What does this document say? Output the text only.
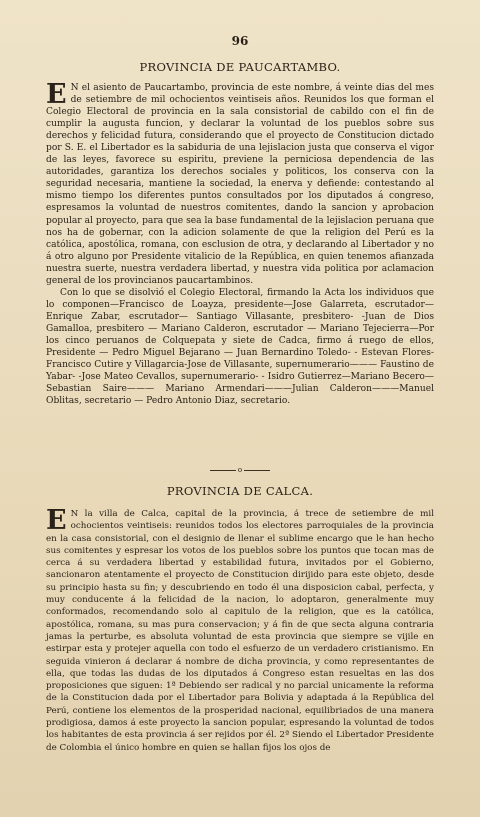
96
PROVINCIA DE PAUCARTAMBO.

E N el asiento de Paucartambo, provincia de este nombre, á veinte dias del mes de setiembre de mil ochocientos veintiseis años. Reunidos los que forman el Colegio Electoral de provincia en la sala consistorial de cabildo con el fin de cumplir la augusta funcion, y declarar la voluntad de los pueblos sobre sus derechos y felicidad futura, considerando que el proyecto de Constitucion dictado por S. E. el Libertador es la sabiduria de una lejislacion justa que conserva el vigor de las leyes, favorece su espiritu, previene la perniciosa dependencia de las autoridades, garantiza los derechos sociales y politicos, los conserva con la seguridad necesaria, mantiene la sociedad, la enerva y defiende: contestando al mismo tiempo los diferentes puntos consultados por los diputados á congreso, espresamos la voluntad de nuestros comitentes, dando la sancion y aprobacion popular al proyecto, para que sea la base fundamental de la lejislacion peruana que nos ha de gobernar, con la adicion solamente de que la religion del Perú es la católica, apostólica, romana, con esclusion de otra, y declarando al Libertador y no á otro alguno por Presidente vitalicio de la República, en quien tenemos afianzada nuestra suerte, nuestra verdadera libertad, y nuestra vida politica por aclamacion general de los provincianos paucartambinos.

Con lo que se disolvió el Colegio Electoral, firmando la Acta los individuos que lo componen—Francisco de Loayza, presidente—Jose Galarreta, escrutador—Enrique Zabar, escrutador— Santiago Villasante, presbitero- -Juan de Dios Gamalloa, presbitero — Mariano Calderon, escrutador — Mariano Tejecierra—Por los cinco peruanos de Colquepata y siete de Cadca, firmo á ruego de ellos, Presidente — Pedro Miguel Bejarano — Juan Bernardino Toledo- - Estevan Flores-Francisco Cutire y Villagarcia-Jose de Villasante, supernumerario——— Faustino de Yabar- -Jose Mateo Cevallos, supernumerario- - Isidro Gutierrez—Mariano Becero— Sebastian Saire——— Mariano Armendari———Julian Calderon———Manuel Oblitas, secretario — Pedro Antonio Diaz, secretario.

o
PROVINCIA DE CALCA.

E N la villa de Calca, capital de la provincia, á trece de setiembre de mil ochocientos veintiseis: reunidos todos los electores parroquiales de la provincia en la casa consistorial, con el designio de llenar el sublime encargo que le han hecho sus comitentes y espresar los votos de los pueblos sobre los puntos que tocan mas de cerca á su verdadera libertad y estabilidad futura, invitados por el Gobierno, sancionaron atentamente el proyecto de Constitucion dirijido para este objeto, desde su principio hasta su fin; y descubriendo en todo él una disposicion cabal, perfecta, y muy conducente á la felicidad de la nacion, lo adoptaron, generalmente muy conformados, recomendando solo al capitulo de la religion, que es la católica, apostólica, romana, su mas pura conservacion; y á fin de que secta alguna contraria jamas la perturbe, es absoluta voluntad de esta provincia que siempre se vijile en estirpar esta y protejer aquella con todo el esfuerzo de un verdadero cristianismo. En seguida vinieron á declarar á nombre de dicha provincia, y como representantes de ella, que todas las dudas de los diputados á Congreso estan resueltas en las dos proposiciones que siguen: 1ª Debiendo ser radical y no parcial unicamente la reforma de la Constitucion dada por el Libertador para Bolivia y adaptada á la República del Perú, contiene los elementos de la prosperidad nacional, equilibriados de una manera prodigiosa, damos á este proyecto la sancion popular, espresando la voluntad de todos los habitantes de esta provincia á ser rejidos por él. 2ª Siendo el Libertador Presidente de Colombia el único hombre en quien se hallan fijos los ojos de
